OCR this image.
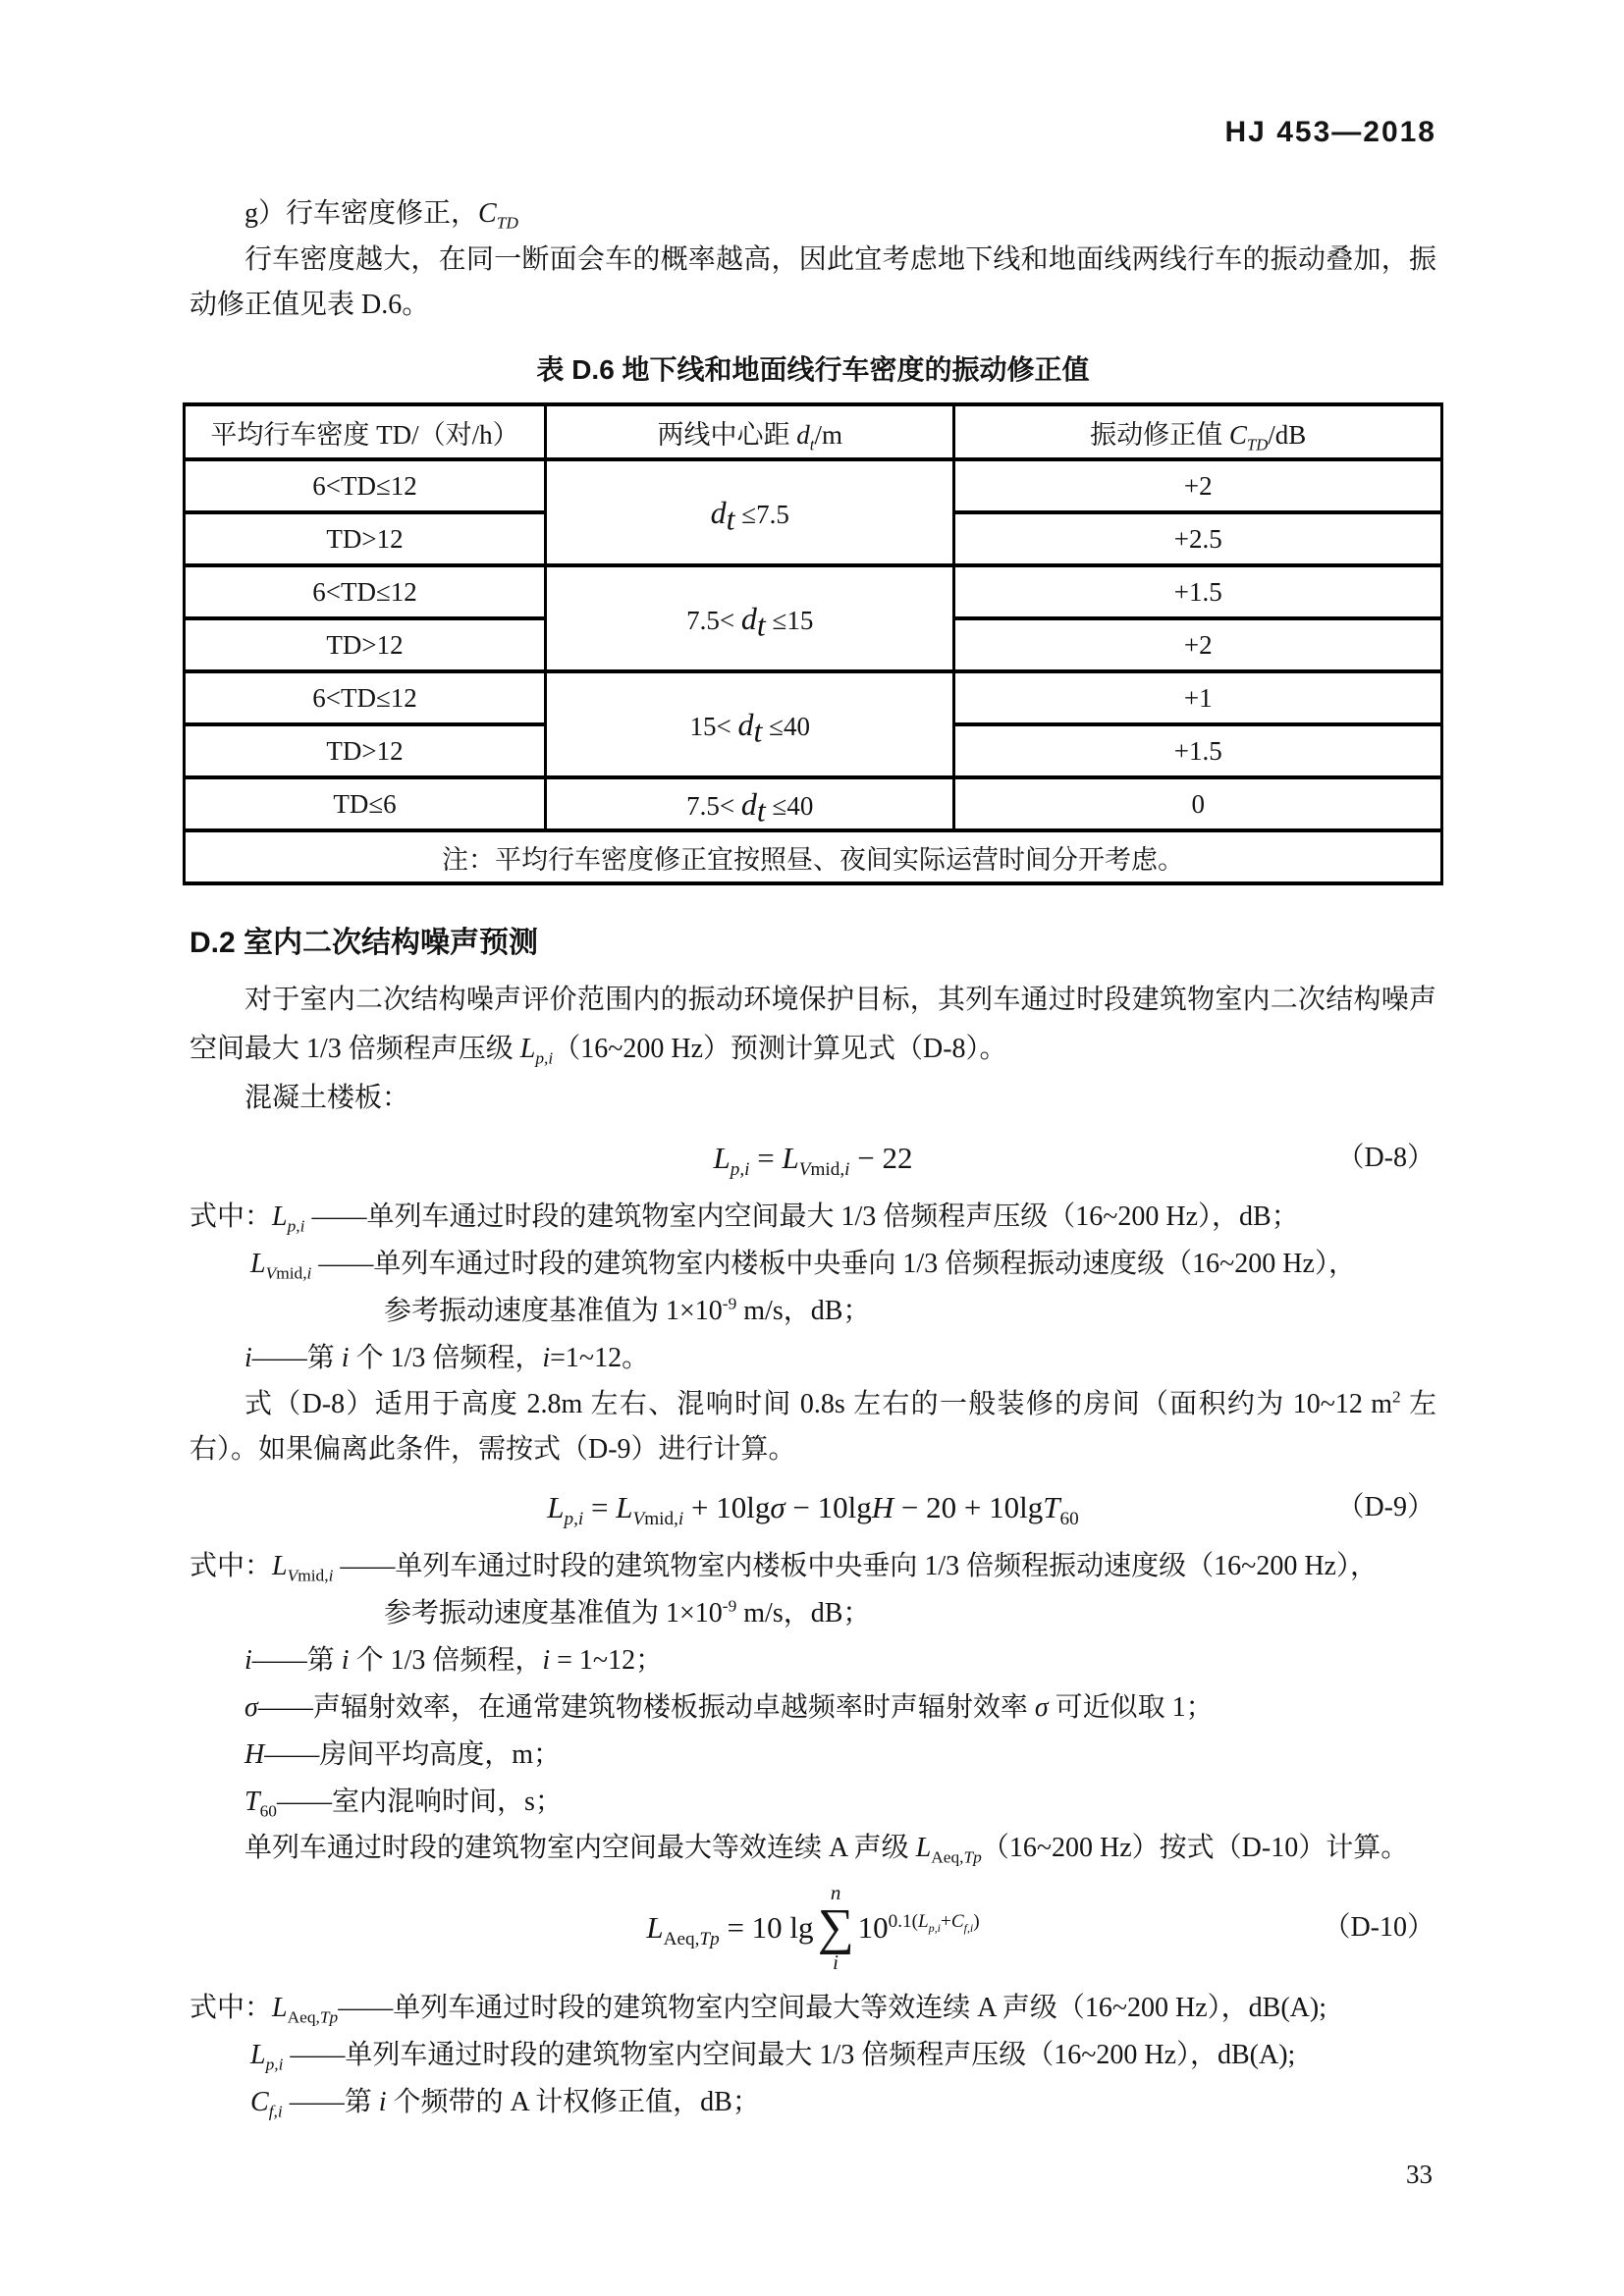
HJ 453—2018
g）行车密度修正，$C_{TD}$

行车密度越大，在同一断面会车的概率越高，因此宜考虑地下线和地面线两线行车的振动叠加，振动修正值见表 D.6。

表 D.6 地下线和地面线行车密度的振动修正值
平均行车密度 TD/（对/h）	两线中心距 $d_t/m$	振动修正值 $C_{TD}/dB$
6<TD≤12	$d_t \le 7.5$	+2
TD>12		+2.5
6<TD≤12	$7.5< d_t \le 15$	+1.5
TD>12		+2
6<TD≤12	$15< d_t \le 40$	+1
TD>12		+1.5
TD≤6	$7.5< d_t \le 40$	0
注：平均行车密度修正宜按照昼、夜间实际运营时间分开考虑。		
D.2 室内二次结构噪声预测

对于室内二次结构噪声评价范围内的振动环境保护目标，其列车通过时段建筑物室内二次结构噪声空间最大 1/3 倍频程声压级 $L_{p,i}(16\sim 200$ Hz）预测计算见式（D-8）。

混凝土楼板：

$L_{p,i} = L_{Vmid,i} - 22$	（D-8）
式中：$L_{p,i}$ ——单列车通过时段的建筑物室内空间最大 1/3 倍频程声压级（16~200 Hz），dB；
$L_{Vmid,i}$ ——单列车通过时段的建筑物室内楼板中央垂向 1/3 倍频程振动速度级（16~200 Hz），
参考振动速度基准值为 $1\times 10^{-9}$ m/s，dB；
i——第 i 个 1/3 倍频程，i=1~12。

式（D-8）适用于高度 2.8m 左右、混响时间 0.8s 左右的一般装修的房间（面积约为 10~12 $m^2$ 左右）。如果偏离此条件，需按式（D-9）进行计算。

$L_{p,i} = L_{Vmid,i} + 10\lg\sigma - 10\lg H - 20 + 10\lg T_{60}$	（D-9）
式中：$L_{Vmid,i}$ ——单列车通过时段的建筑物室内楼板中央垂向 1/3 倍频程振动速度级（16~200 Hz），
参考振动速度基准值为 $1\times 10^{-9}$ m/s，dB；
i——第 i 个 1/3 倍频程，i = 1~12；
σ——声辐射效率，在通常建筑物楼板振动卓越频率时声辐射效率 σ 可近似取 1；
H——房间平均高度，m；
$T_{60}——$室内混响时间，s；

单列车通过时段的建筑物室内空间最大等效连续 A 声级 $L_{Aeq,Tp}(16\sim 200$ Hz）按式（D-10）计算。

$L_{Aeq,Tp} = 10$ lg
n
∑
i
$10^{0.1(L_{p,i}+C_{f,i})}$	（D-10）
式中：$L_{Aeq,Tp}——$单列车通过时段的建筑物室内空间最大等效连续 A 声级（16~200 Hz），dB(A);
$L_{p,i}$ ——单列车通过时段的建筑物室内空间最大 1/3 倍频程声压级（16~200 Hz），dB(A);
$C_{f,i}$ ——第 i 个频带的 A 计权修正值，dB；
33
